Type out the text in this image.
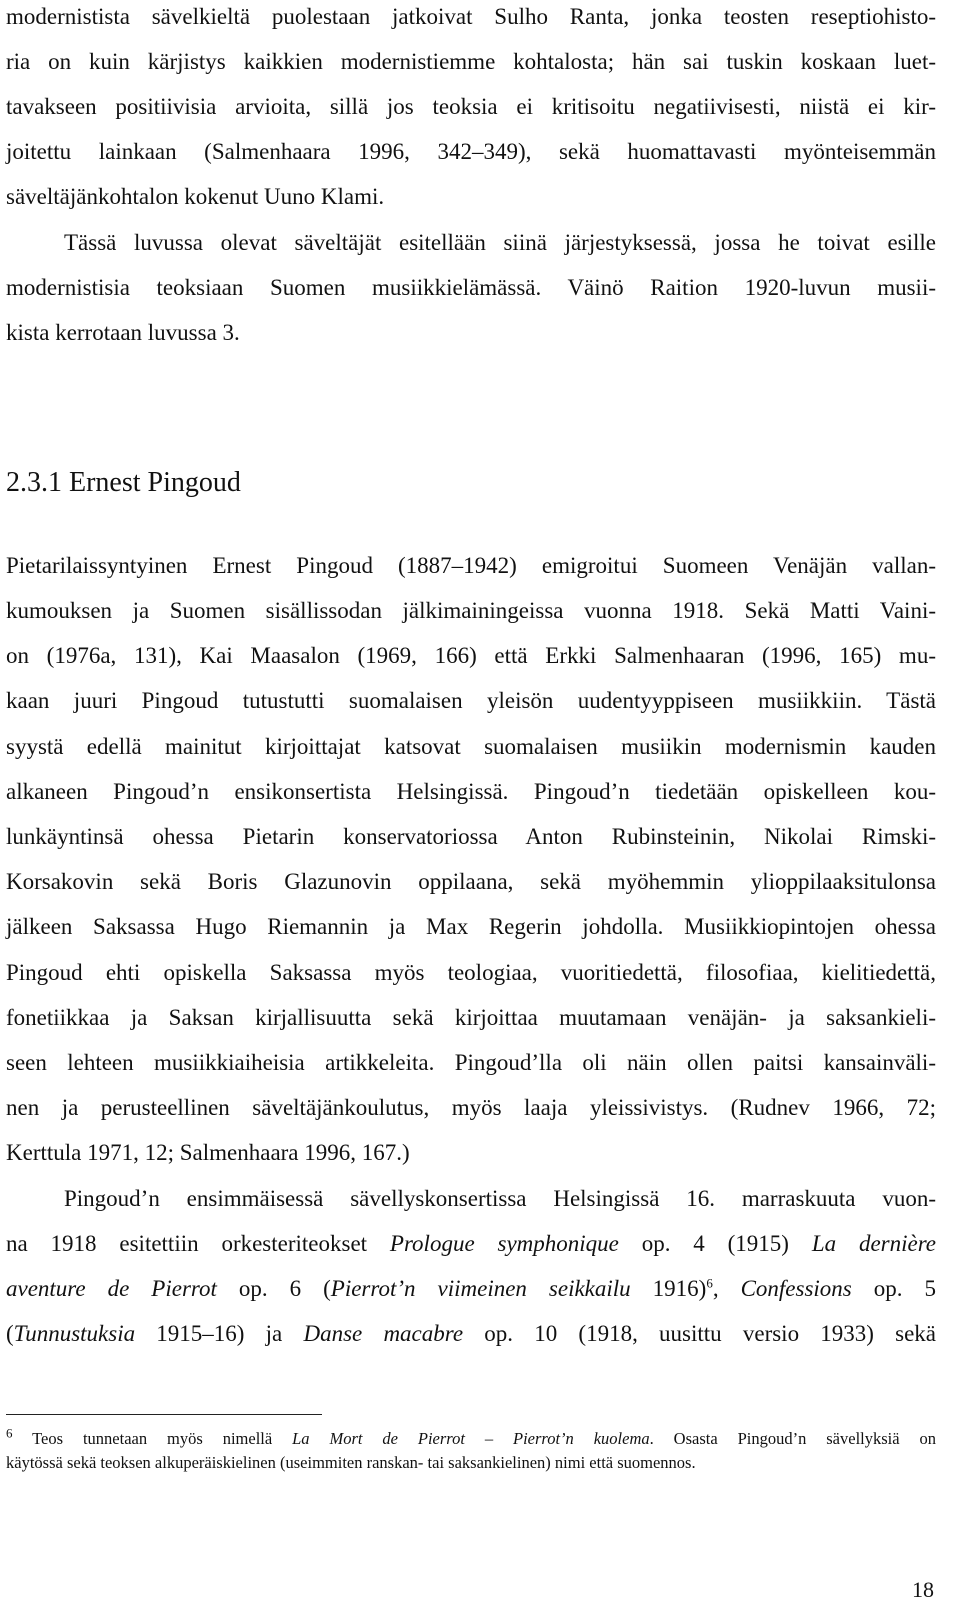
modernistista sävelkieltä puolestaan jatkoivat Sulho Ranta, jonka teosten reseptiohisto-
ria on kuin kärjistys kaikkien modernistiemme kohtalosta; hän sai tuskin koskaan luet-
tavakseen positiivisia arvioita, sillä jos teoksia ei kritisoitu negatiivisesti, niistä ei kir-
joitettu lainkaan (Salmenhaara 1996, 342–349), sekä huomattavasti myönteisemmän
säveltäjänkohtalon kokenut Uuno Klami.
Tässä luvussa olevat säveltäjät esitellään siinä järjestyksessä, jossa he toivat esille
modernistisia teoksiaan Suomen musiikkielämässä. Väinö Raition 1920-luvun musii-
kista kerrotaan luvussa 3.
2.3.1 Ernest Pingoud
Pietarilaissyntyinen Ernest Pingoud (1887–1942) emigroitui Suomeen Venäjän vallan-
kumouksen ja Suomen sisällissodan jälkimainingeissa vuonna 1918. Sekä Matti Vaini-
on (1976a, 131), Kai Maasalon (1969, 166) että Erkki Salmenhaaran (1996, 165) mu-
kaan juuri Pingoud tutustutti suomalaisen yleisön uudentyyppiseen musiikkiin. Tästä
syystä edellä mainitut kirjoittajat katsovat suomalaisen musiikin modernismin kauden
alkaneen Pingoud’n ensikonsertista Helsingissä. Pingoud’n tiedetään opiskelleen kou-
lunkäyntinsä ohessa Pietarin konservatoriossa Anton Rubinsteinin, Nikolai Rimski-
Korsakovin sekä Boris Glazunovin oppilaana, sekä myöhemmin ylioppilaaksitulonsa
jälkeen Saksassa Hugo Riemannin ja Max Regerin johdolla. Musiikkiopintojen ohessa
Pingoud ehti opiskella Saksassa myös teologiaa, vuoritiedettä, filosofiaa, kielitiedettä,
fonetiikkaa ja Saksan kirjallisuutta sekä kirjoittaa muutamaan venäjän- ja saksankieli-
seen lehteen musiikkiaiheisia artikkeleita. Pingoud’lla oli näin ollen paitsi kansainväli-
nen ja perusteellinen säveltäjänkoulutus, myös laaja yleissivistys. (Rudnev 1966, 72;
Kerttula 1971, 12; Salmenhaara 1996, 167.)
Pingoud’n ensimmäisessä sävellyskonsertissa Helsingissä 16. marraskuuta vuon-
na 1918 esitettiin orkesteriteokset Prologue symphonique op. 4 (1915) La dernière
aventure de Pierrot op. 6 (Pierrot’n viimeinen seikkailu 1916)$^6$, Confessions op. 5
(Tunnustuksia 1915–16) ja Danse macabre op. 10 (1918, uusittu versio 1933) sekä
$^6$ Teos tunnetaan myös nimellä La Mort de Pierrot – Pierrot’n kuolema. Osasta Pingoud’n sävellyksiä on
käytössä sekä teoksen alkuperäiskielinen (useimmiten ranskan- tai saksankielinen) nimi että suomennos.
18
